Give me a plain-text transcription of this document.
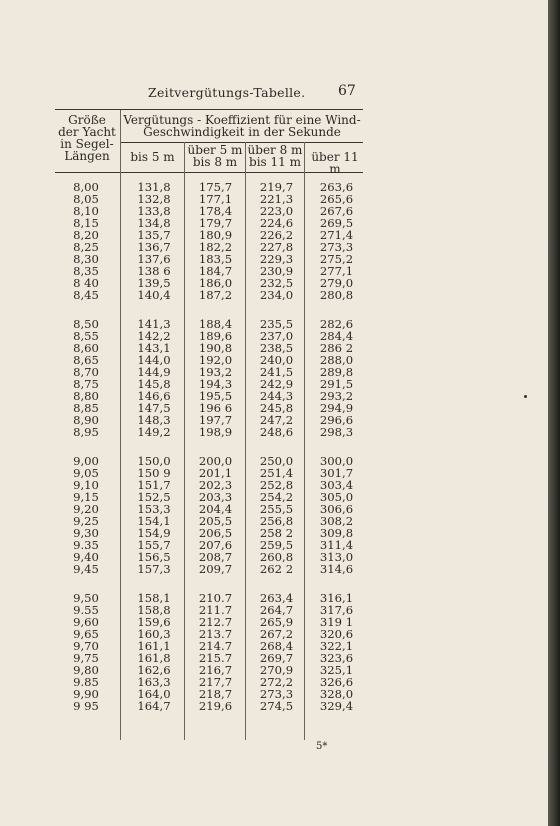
Zeitvergütungs-Tabelle. 67
Größe
der Yacht
in Segel-
Längen
Vergütungs - Koeffizient für eine Wind-
Geschwindigkeit in der Sekunde
bis 5 m	über 5 m
bis 8 m
über 8 m
bis 11 m über 11 m
8,00
8,05
8,10
8,15
8,20
8,25
8,30
8,35
8 40
8,45
8,50
8,55
8,60
8,65
8,70
8,75
8,80
8,85
8,90
8,95
9,00
9,05
9,10
9,15
9,20
9,25
9,30
9.35
9,40
9,45
9,50
9.55
9,60
9,65
9,70
9,75
9,80
9.85
9,90
9 95
131,8
132,8
133,8
134,8
135,7
136,7
137,6
138 6
139,5
140,4
141,3
142,2
143,1
144,0
144,9
145,8
146,6
147,5
148,3
149,2
150,0
150 9
151,7
152,5
153,3
154,1
154,9
155,7
156,5
157,3
158,1
158,8
159,6
160,3
161,1
161,8
162,6
163,3
164,0
164,7
175,7
177,1
178,4
179,7
180,9
182,2
183,5
184,7
186,0
187,2
188,4
189,6
190,8
192,0
193,2
194,3
195,5
196 6
197,7
198,9
200,0
201,1
202,3
203,3
204,4
205,5
206,5
207,6
208,7
209,7
210.7
211.7
212.7
213.7
214.7
215.7
216,7
217,7
218,7
219,6
219,7
221,3
223,0
224,6
226,2
227,8
229,3
230,9
232,5
234,0
235,5
237,0
238,5
240,0
241,5
242,9
244,3
245,8
247,2
248,6
250,0
251,4
252,8
254,2
255,5
256,8
258 2
259,5
260,8
262 2
263,4
264,7
265,9
267,2
268,4
269,7
270,9
272,2
273,3
274,5
263,6
265,6
267,6
269,5
271,4
273,3
275,2
277,1
279,0
280,8
282,6
284,4
286 2
288,0
289,8
291,5
293,2
294,9
296,6
298,3
300,0
301,7
303,4
305,0
306,6
308,2
309,8
311,4
313,0
314,6
316,1
317,6
319 1
320,6
322,1
323,6
325,1
326,6
328,0
329,4
5*
